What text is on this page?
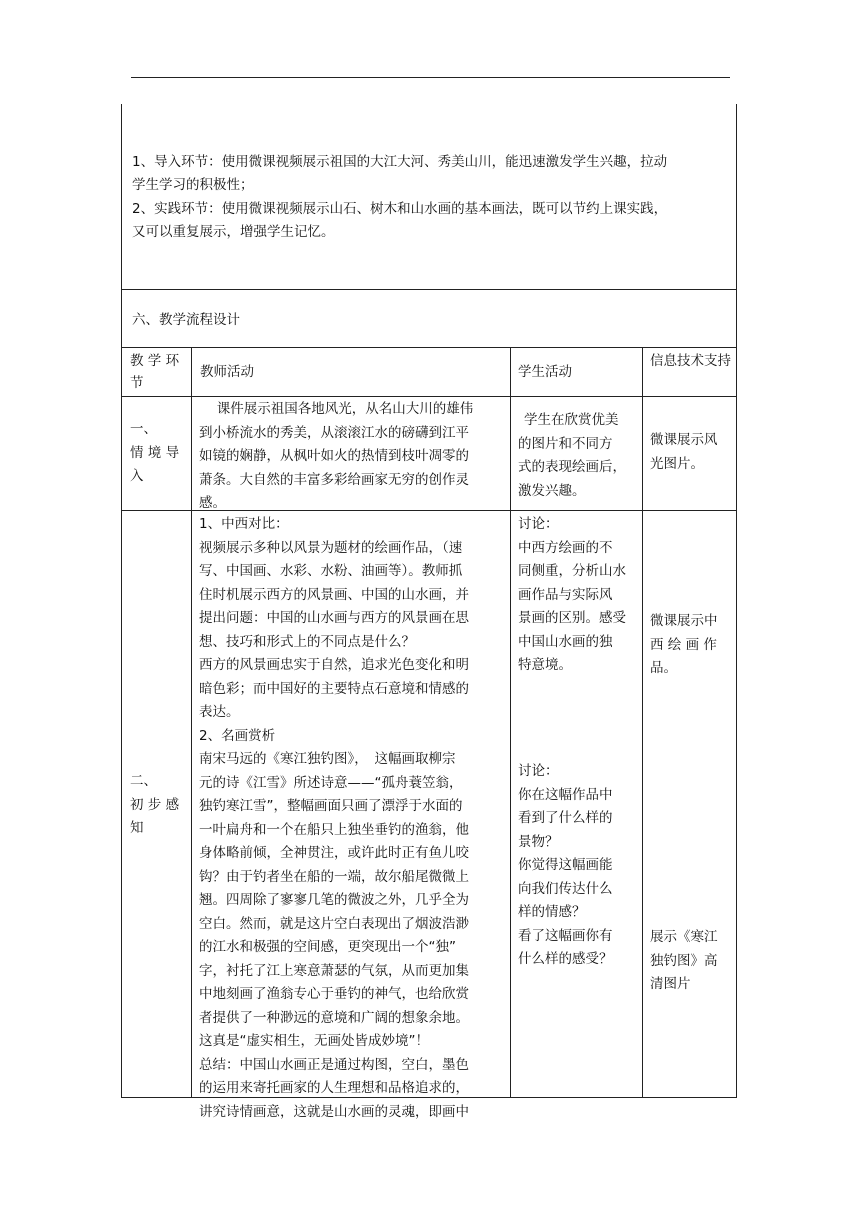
1、导入环节：使用微课视频展示祖国的大江大河、秀美山川，能迅速激发学生兴趣，拉动

学生学习的积极性；

2、实践环节：使用微课视频展示山石、树木和山水画的基本画法，既可以节约上课实践，

又可以重复展示，增强学生记忆。

六、教学流程设计

教 学 环 节

教师活动	学生活动

信息技术支持

一、

情 境 导

入

　 课件展示祖国各地风光，从名山大川的雄伟

到小桥流水的秀美，从滚滚江水的磅礴到江平

如镜的娴静，从枫叶如火的热情到枝叶凋零的

萧条。大自然的丰富多彩给画家无穷的创作灵

感。

学生在欣赏优美

的图片和不同方

式的表现绘画后，

激发兴趣。

微课展示风

光图片。

二、

初 步 感

知

1、中西对比：

视频展示多种以风景为题材的绘画作品，（速

写、中国画、水彩、水粉、油画等）。教师抓

住时机展示西方的风景画、中国的山水画，并

提出问题：中国的山水画与西方的风景画在思

想、技巧和形式上的不同点是什么？

西方的风景画忠实于自然，追求光色变化和明

暗色彩；而中国好的主要特点石意境和情感的

表达。

2、名画赏析

南宋马远的《寒江独钓图》，　这幅画取柳宗

元的诗《江雪》所述诗意——“孤舟蓑笠翁，

独钓寒江雪”，整幅画面只画了漂浮于水面的

一叶扁舟和一个在船只上独坐垂钓的渔翁，他

身体略前倾，全神贯注，或许此时正有鱼儿咬

钩？由于钓者坐在船的一端，故尔船尾微微上

翘。四周除了寥寥几笔的微波之外，几乎全为

空白。然而，就是这片空白表现出了烟波浩渺

的江水和极强的空间感，更突现出一个“独”

字，衬托了江上寒意萧瑟的气氛，从而更加集

中地刻画了渔翁专心于垂钓的神气，也给欣赏

者提供了一种渺远的意境和广阔的想象余地。

这真是“虚实相生，无画处皆成妙境”！

总结：中国山水画正是通过构图，空白，墨色

的运用来寄托画家的人生理想和品格追求的，

讲究诗情画意，这就是山水画的灵魂，即画中

讨论：

中西方绘画的不

同侧重，分析山水

画作品与实际风

景画的区别。感受

中国山水画的独

特意境。

讨论：

你在这幅作品中

看到了什么样的

景物？

你觉得这幅画能

向我们传达什么

样的情感？

看了这幅画你有

什么样的感受？

微课展示中

西 绘 画 作

品。

展示《寒江

独钓图》高

清图片
